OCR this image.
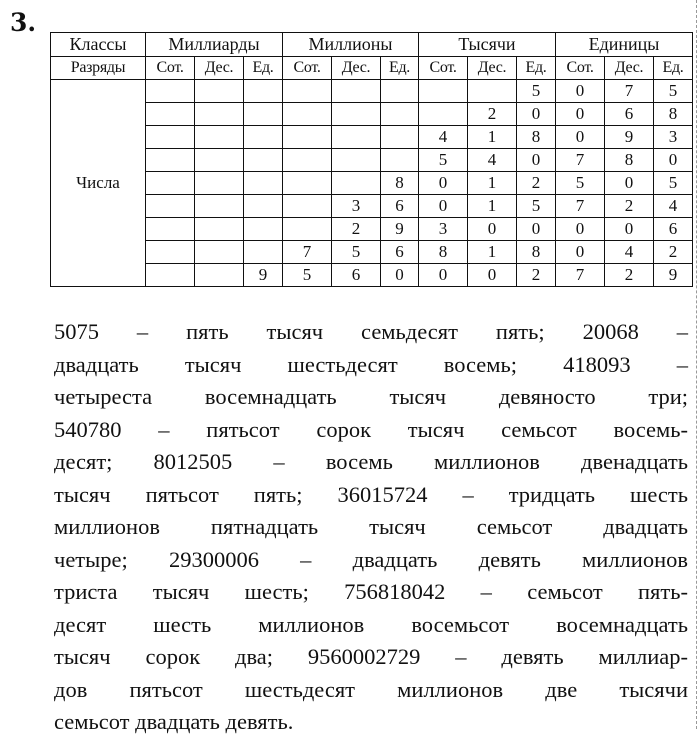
3.
Классы	Миллиарды			Миллионы			Тысячи			Единицы		
Разряды	Сот.	Дес.	Ед.	Сот.	Дес.	Ед.	Сот.	Дес.	Ед.	Сот.	Дес.	Ед.
Числа									5	0	7	5
								2	0	0	6	8
							4	1	8	0	9	3
							5	4	0	7	8	0
						8	0	1	2	5	0	5
					3	6	0	1	5	7	2	4
					2	9	3	0	0	0	0	6
				7	5	6	8	1	8	0	4	2
			9	5	6	0	0	0	2	7	2	9
5075 – пять тысяч семьдесят пять; 20068 –
двадцать тысяч шестьдесят восемь; 418093 –
четыреста восемнадцать тысяч девяносто три;
540780 – пятьсот сорок тысяч семьсот восемь-
десят; 8012505 – восемь миллионов двенадцать
тысяч пятьсот пять; 36015724 – тридцать шесть
миллионов пятнадцать тысяч семьсот двадцать
четыре; 29300006 – двадцать девять миллионов
триста тысяч шесть; 756818042 – семьсот пять-
десят шесть миллионов восемьсот восемнадцать
тысяч сорок два; 9560002729 – девять миллиар-
дов пятьсот шестьдесят миллионов две тысячи
семьсот двадцать девять.
